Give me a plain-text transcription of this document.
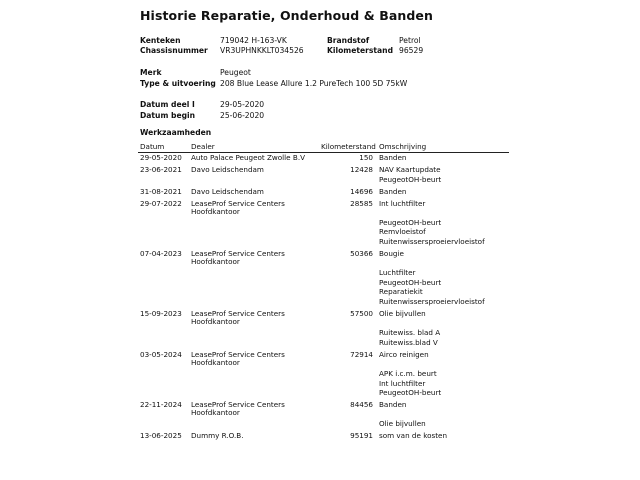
Historie Reparatie, Onderhoud & Banden
Kenteken	719042 H-163-VK	Brandstof	Petrol
Chassisnummer VR3UPHNKKLT034526	Kilometerstand 96529
Merk	Peugeot
Type & uitvoering 208 Blue Lease Allure 1.2 PureTech 100 5D 75kW
Datum deel I	29-05-2020
Datum begin	25-06-2020
Werkzaamheden
Datum	Dealer	Kilometerstand Omschrijving
29-05-2020 Auto Palace Peugeot Zwolle B.V	150 Banden
23-06-2021 Davo Leidschendam	12428 NAV Kaartupdate
PeugeotOH-beurt
31-08-2021 Davo Leidschendam	14696 Banden
29-07-2022 LeaseProf Service Centers
Hoofdkantoor
28585 Int luchtfilter
PeugeotOH-beurt
Remvloeistof
Ruitenwissersproeiervloeistof
07-04-2023 LeaseProf Service Centers
Hoofdkantoor
50366 Bougie
Luchtfilter
PeugeotOH-beurt
Reparatiekit
Ruitenwissersproeiervloeistof
15-09-2023 LeaseProf Service Centers
Hoofdkantoor
57500 Olie bijvullen
Ruitewiss. blad A
Ruitewiss.blad V
03-05-2024 LeaseProf Service Centers
Hoofdkantoor
72914 Airco reinigen
APK i.c.m. beurt
Int luchtfilter
PeugeotOH-beurt
22-11-2024 LeaseProf Service Centers
Hoofdkantoor
84456 Banden
Olie bijvullen
13-06-2025 Dummy R.O.B.	95191 som van de kosten
